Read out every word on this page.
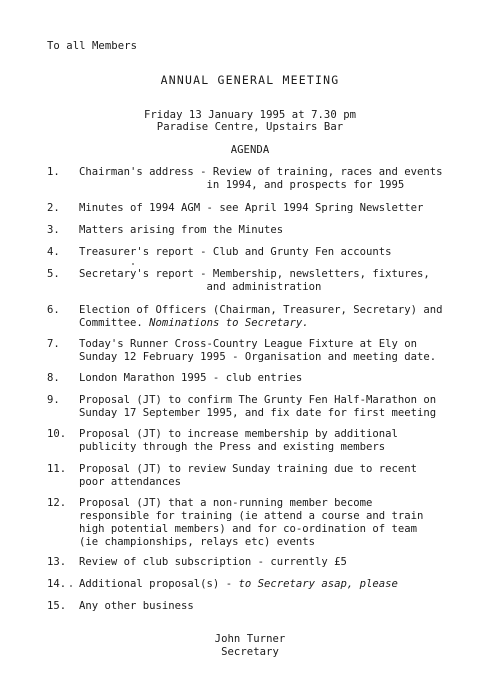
To all Members
ANNUAL GENERAL MEETING
Friday 13 January 1995 at 7.30 pm
Paradise Centre, Upstairs Bar
AGENDA
1. Chairman's address - Review of training, races and events
in 1994, and prospects for 1995
2. Minutes of 1994 AGM - see April 1994 Spring Newsletter
3. Matters arising from the Minutes
4. Treasurer's report - Club and Grunty Fen accounts
5. Secretary's report - Membership, newsletters, fixtures,
and administration
6. Election of Officers (Chairman, Treasurer, Secretary) and
Committee. Nominations to Secretary.
7. Today's Runner Cross-Country League Fixture at Ely on
Sunday 12 February 1995 - Organisation and meeting date.
8. London Marathon 1995 - club entries
9. Proposal (JT) to confirm The Grunty Fen Half-Marathon on
Sunday 17 September 1995, and fix date for first meeting
10. Proposal (JT) to increase membership by additional
publicity through the Press and existing members
11. Proposal (JT) to review Sunday training due to recent
poor attendances
12. Proposal (JT) that a non-running member become
responsible for training (ie attend a course and train
high potential members) and for co-ordination of team
(ie championships, relays etc) events
13. Review of club subscription - currently £5
14. Additional proposal(s) - to Secretary asap, please
15. Any other business
John Turner
Secretary
